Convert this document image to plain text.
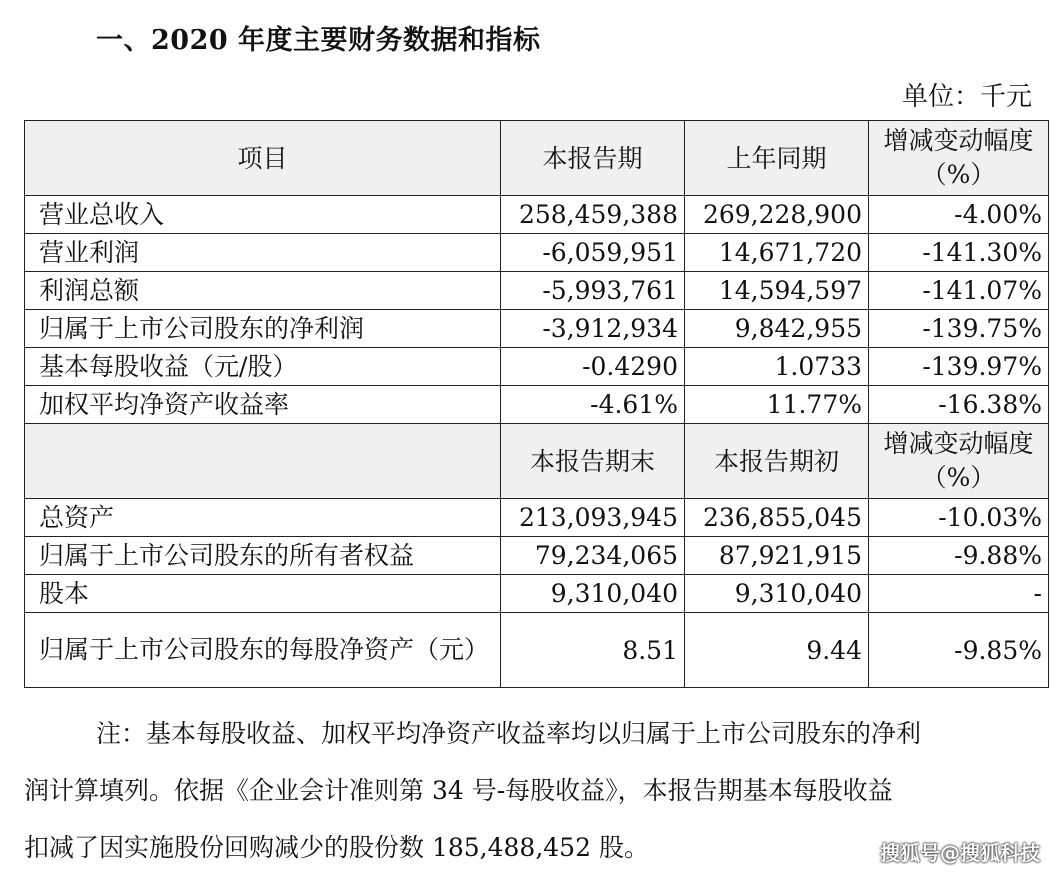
一、2020 年度主要财务数据和指标
单位：千元
项目	本报告期	上年同期	增减变动幅度（%）
营业总收入	258,459,388	269,228,900	-4.00%
营业利润	-6,059,951	14,671,720	-141.30%
利润总额	-5,993,761	14,594,597	-141.07%
归属于上市公司股东的净利润	-3,912,934	9,842,955	-139.75%
基本每股收益（元/股）	-0.4290	1.0733	-139.97%
加权平均净资产收益率	-4.61%	11.77%	-16.38%
	本报告期末	本报告期初	增减变动幅度（%）
总资产	213,093,945	236,855,045	-10.03%
归属于上市公司股东的所有者权益	79,234,065	87,921,915	-9.88%
股本	9,310,040	9,310,040	-
归属于上市公司股东的每股净资产（元）	8.51	9.44	-9.85%

注：基本每股收益、加权平均净资产收益率均以归属于上市公司股东的净利

润计算填列。依据《企业会计准则第 34 号-每股收益》，本报告期基本每股收益

扣减了因实施股份回购减少的股份数 185,488,452 股。	搜狐号@搜狐科技
